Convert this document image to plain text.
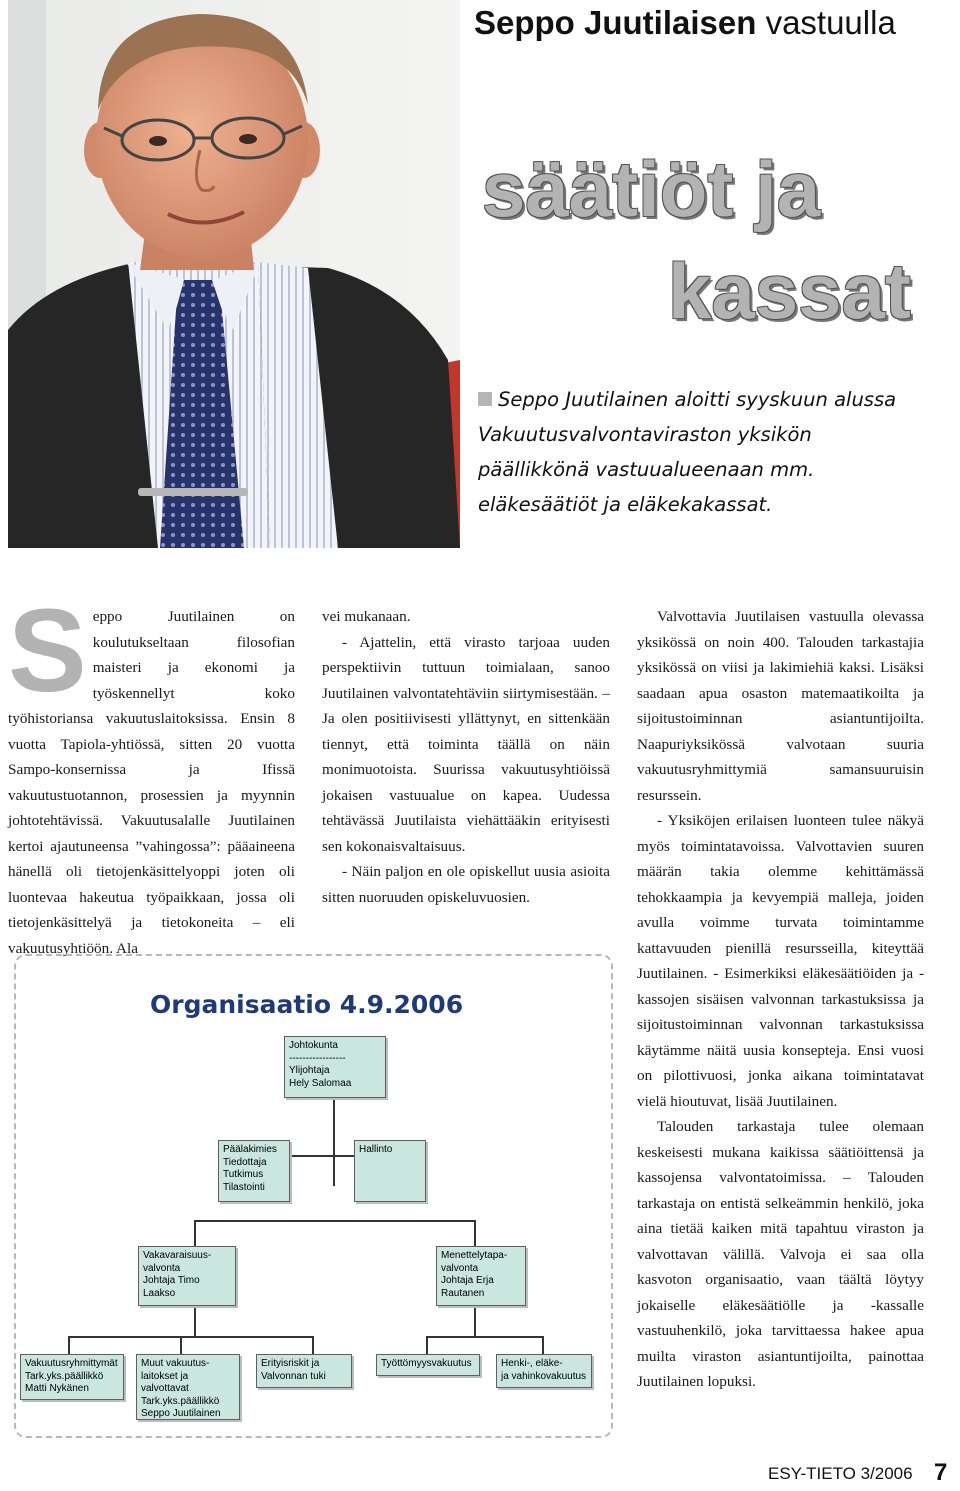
Seppo Juutilaisen vastuulla
säätiöt ja
kassat
Seppo Juutilainen aloitti syyskuun alussa Vakuutusvalvontaviraston yksikön päällikkönä vastuualueenaan mm. eläkesäätiöt ja eläkekakassat.

Seppo Juutilainen on koulutukseltaan filosofian maisteri ja ekonomi ja työskennellyt koko työhistoriansa vakuutuslaitoksissa. Ensin 8 vuotta Tapiola-yhtiössä, sitten 20 vuotta Sampo-konsernissa ja Ifissä vakuutustuotannon, prosessien ja myynnin johtotehtävissä. Vakuutusalalle Juutilainen kertoi ajautuneensa ”vahingossa”: pääaineena hänellä oli tietojenkäsittelyoppi joten oli luontevaa hakeutua työpaikkaan, jossa oli tietojenkäsittelyä ja tietokoneita – eli vakuutusyhtiöön. Ala

vei mukanaan.

- Ajattelin, että virasto tarjoaa uuden perspektiivin tuttuun toimialaan, sanoo Juutilainen valvontatehtäviin siirtymisestään. – Ja olen positiivisesti yllättynyt, en sittenkään tiennyt, että toiminta täällä on näin monimuotoista. Suurissa vakuutusyhtiöissä jokaisen vastuualue on kapea. Uudessa tehtävässä Juutilaista viehättääkin erityisesti sen kokonaisvaltaisuus.

- Näin paljon en ole opiskellut uusia asioita sitten nuoruuden opiskeluvuosien.

Valvottavia Juutilaisen vastuulla olevassa yksikössä on noin 400. Talouden tarkastajia yksikössä on viisi ja lakimiehiä kaksi. Lisäksi saadaan apua osaston matemaatikoilta ja sijoitustoiminnan asiantuntijoilta. Naapuriyksikössä valvotaan suuria vakuutusryhmittymiä samansuuruisin resurssein.

- Yksiköjen erilaisen luonteen tulee näkyä myös toimintatavoissa. Valvottavien suuren määrän takia olemme kehittämässä tehokkaampia ja kevyempiä malleja, joiden avulla voimme turvata toimintamme kattavuuden pienillä resursseilla, kiteyttää Juutilainen. - Esimerkiksi eläkesäätiöiden ja -kassojen sisäisen valvonnan tarkastuksissa ja sijoitustoiminnan valvonnan tarkastuksissa käytämme näitä uusia konsepteja. Ensi vuosi on pilottivuosi, jonka aikana toimintatavat vielä hioutuvat, lisää Juutilainen.

Talouden tarkastaja tulee olemaan keskeisesti mukana kaikissa säätiöittensä ja kassojensa valvontatoimissa. – Talouden tarkastaja on entistä selkeämmin henkilö, joka aina tietää kaiken mitä tapahtuu viraston ja valvottavan välillä. Valvoja ei saa olla kasvoton organisaatio, vaan täältä löytyy jokaiselle eläkesäätiölle ja -kassalle vastuuhenkilö, joka tarvittaessa hakee apua muilta viraston asiantuntijoilta, painottaa Juutilainen lopuksi.

Organisaatio 4.9.2006
Johtokunta
-----------------
Ylijohtaja
Hely Salomaa
Päälakimies
Tiedottaja
Tutkimus
Tilastointi
Hallinto
Vakavaraisuus-
valvonta
Johtaja Timo
Laakso
Menettelytapa-
valvonta
Johtaja Erja
Rautanen
Vakuutusryhmittymät
Tark.yks.päällikkö
Matti Nykänen
Muut vakuutus-
laitokset ja
valvottavat
Tark.yks.päällikkö
Seppo Juutilainen
Erityisriskit ja
Valvonnan tuki
Työttömyysvakuutus	Henki-, eläke-
ja vahinkovakuutus
ESY-TIETO 3/2006 7
